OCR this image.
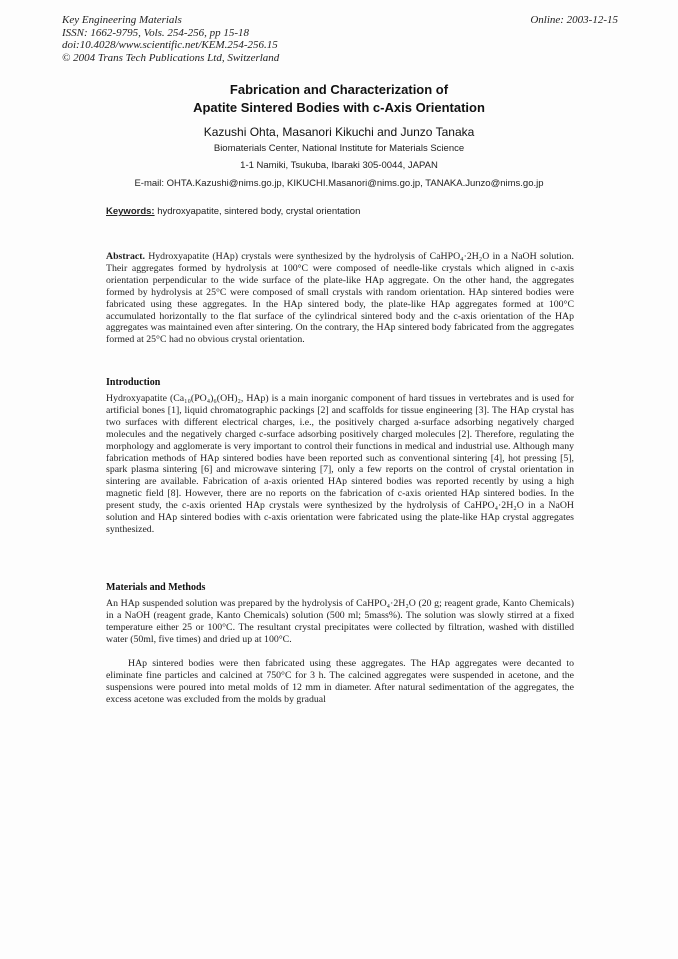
Key Engineering Materials
ISSN: 1662-9795, Vols. 254-256, pp 15-18
doi:10.4028/www.scientific.net/KEM.254-256.15
© 2004 Trans Tech Publications Ltd, Switzerland
Online: 2003-12-15
Fabrication and Characterization of
Apatite Sintered Bodies with c-Axis Orientation
Kazushi Ohta, Masanori Kikuchi and Junzo Tanaka
Biomaterials Center, National Institute for Materials Science
1-1 Namiki, Tsukuba, Ibaraki 305-0044, JAPAN
E-mail: OHTA.Kazushi@nims.go.jp, KIKUCHI.Masanori@nims.go.jp, TANAKA.Junzo@nims.go.jp
Keywords: hydroxyapatite, sintered body, crystal orientation
Abstract. Hydroxyapatite (HAp) crystals were synthesized by the hydrolysis of CaHPO₄·2H₂O in a NaOH solution. Their aggregates formed by hydrolysis at 100°C were composed of needle-like crystals which aligned in c-axis orientation perpendicular to the wide surface of the plate-like HAp aggregate. On the other hand, the aggregates formed by hydrolysis at 25°C were composed of small crystals with random orientation. HAp sintered bodies were fabricated using these aggregates. In the HAp sintered body, the plate-like HAp aggregates formed at 100°C accumulated horizontally to the flat surface of the cylindrical sintered body and the c-axis orientation of the HAp aggregates was maintained even after sintering. On the contrary, the HAp sintered body fabricated from the aggregates formed at 25°C had no obvious crystal orientation.
Introduction
Hydroxyapatite (Ca₁₀(PO₄)₆(OH)₂, HAp) is a main inorganic component of hard tissues in vertebrates and is used for artificial bones [1], liquid chromatographic packings [2] and scaffolds for tissue engineering [3]. The HAp crystal has two surfaces with different electrical charges, i.e., the positively charged a-surface adsorbing negatively charged molecules and the negatively charged c-surface adsorbing positively charged molecules [2]. Therefore, regulating the morphology and agglomerate is very important to control their functions in medical and industrial use. Although many fabrication methods of HAp sintered bodies have been reported such as conventional sintering [4], hot pressing [5], spark plasma sintering [6] and microwave sintering [7], only a few reports on the control of crystal orientation in sintering are available. Fabrication of a-axis oriented HAp sintered bodies was reported recently by using a high magnetic field [8]. However, there are no reports on the fabrication of c-axis oriented HAp sintered bodies. In the present study, the c-axis oriented HAp crystals were synthesized by the hydrolysis of CaHPO₄·2H₂O in a NaOH solution and HAp sintered bodies with c-axis orientation were fabricated using the plate-like HAp crystal aggregates synthesized.
Materials and Methods
An HAp suspended solution was prepared by the hydrolysis of CaHPO₄·2H₂O (20 g; reagent grade, Kanto Chemicals) in a NaOH (reagent grade, Kanto Chemicals) solution (500 ml; 5mass%). The solution was slowly stirred at a fixed temperature either 25 or 100°C. The resultant crystal precipitates were collected by filtration, washed with distilled water (50ml, five times) and dried up at 100°C.
HAp sintered bodies were then fabricated using these aggregates. The HAp aggregates were decanted to eliminate fine particles and calcined at 750°C for 3 h. The calcined aggregates were suspended in acetone, and the suspensions were poured into metal molds of 12 mm in diameter. After natural sedimentation of the aggregates, the excess acetone was excluded from the molds by gradual
